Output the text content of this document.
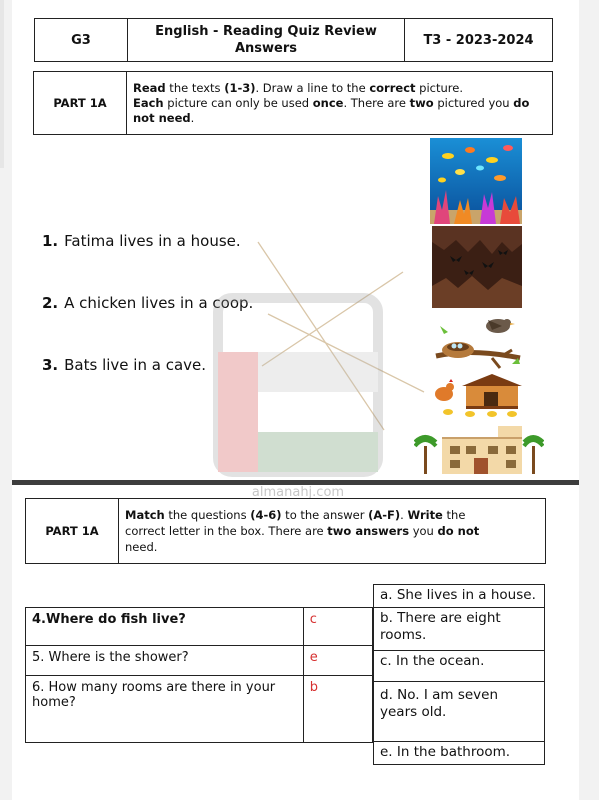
G3	
English - Reading Quiz Review
Answers
	T3 - 2023-2024
PART 1A	
Read the texts (1-3). Draw a line to the correct picture.
Each picture can only be used once. There are two pictured you do
not need.
1. Fatima lives in a house.
2. A chicken lives in a coop.
3. Bats live in a cave.
almanahj.com
PART 1A	
Match the questions (4-6) to the answer (A-F). Write the
correct letter in the box. There are two answers you do not
need.
4.Where do fish live?	c
5. Where is the shower?	e
6. How many rooms are there in your home?	b
a. She lives in a house.
b. There are eight rooms.
c. In the ocean.
d. No. I am seven years old.
e. In the bathroom.
